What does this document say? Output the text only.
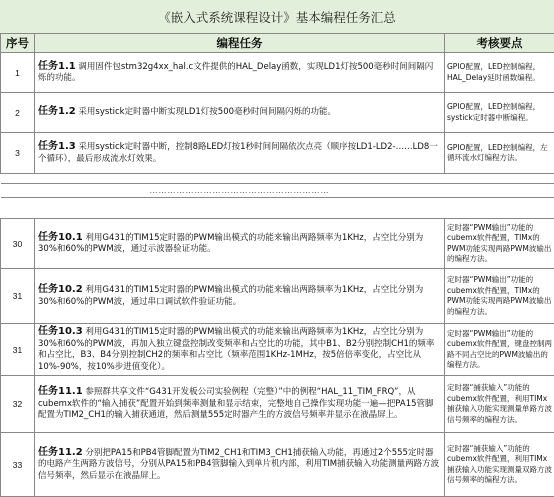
《嵌入式系统课程设计》基本编程任务汇总
序号	编程任务	考核要点
1	任务1.1 调用固件包stm32g4xx_hal.c文件提供的HAL_Delay函数，实现LD1灯按500毫秒时间间隔闪烁的功能。	GPIO配置，LED控制编程，HAL_Delay延时函数编程。
2	任务1.2 采用systick定时器中断实现LD1灯按500毫秒时间间隔闪烁的功能。	GPIO配置，LED控制编程，systick定时器中断编程。
3	任务1.3 采用systick定时器中断，控制8路LED灯按1秒时间间隔依次点亮（顺序按LD1-LD2-……LD8一个循环），最后形成流水灯效果。	GPIO配置，LED控制编程，左循环流水灯编程方法。

	……………………………………………………	

30	任务10.1 利用G431的TIM15定时器的PWM输出模式的功能来输出两路频率为1KHz，占空比分别为30%和60%的PWM波，通过示波器验证功能。	定时器“PWM输出”功能的cubemx软件配置，TIMx的PWM功能实现两路PWM波输出的编程方法。
31	任务10.2 利用G431的TIM15定时器的PWM输出模式的功能来输出两路频率为1KHz，占空比分别为30%和60%的PWM波，通过串口调试软件验证功能。	定时器“PWM输出”功能的cubemx软件配置，TIMx的PWM功能实现两路PWM波输出的编程方法。
31	任务10.3 利用G431的TIM15定时器的PWM输出模式的功能来输出两路频率为1KHz，占空比分别为30%和60%的PWM波，再加入独立键盘控制改变频率和占空比的功能，其中B1、B2分别控制CH1的频率和占空比，B3、B4分别控制CH2的频率和占空比（频率范围1KHz-1MHz，按5倍倍率变化，占空比从10%-90%，按10%步进值变化）。	定时器“PWM输出”功能的cubemx软件配置，键盘控制两路不同占空比的PWM波输出的编程方法。
32	任务11.1 参照群共享文件“G431开发板公司实验例程（完整）”中的例程“HAL_11_TIM_FRQ”，从cubemx软件的“输入捕获”配置开始到频率测量和显示结束，完整地自己操作实现功能一遍—把PA15管脚配置为TIM2_CH1的输入捕获通道，然后测量555定时器产生的方波信号频率并显示在液晶屏上。	定时器“捕获输入”功能的cubemx软件配置，利用TIMx捕获输入功能实现测量单路方波信号频率的编程方法。
33	任务11.2 分别把PA15和PB4管脚配置为TIM2_CH1和TIM3_CH1捕获输入功能，再通过2个555定时器的电路产生两路方波信号，分别从PA15和PB4管脚输入到单片机内部，利用TIM捕获输入功能测量两路方波信号频率，然后显示在液晶屏上。	定时器“捕获输入”功能的cubemx软件配置，利用TIMx捕获输入功能实现测量双路方波信号频率的编程方法。
